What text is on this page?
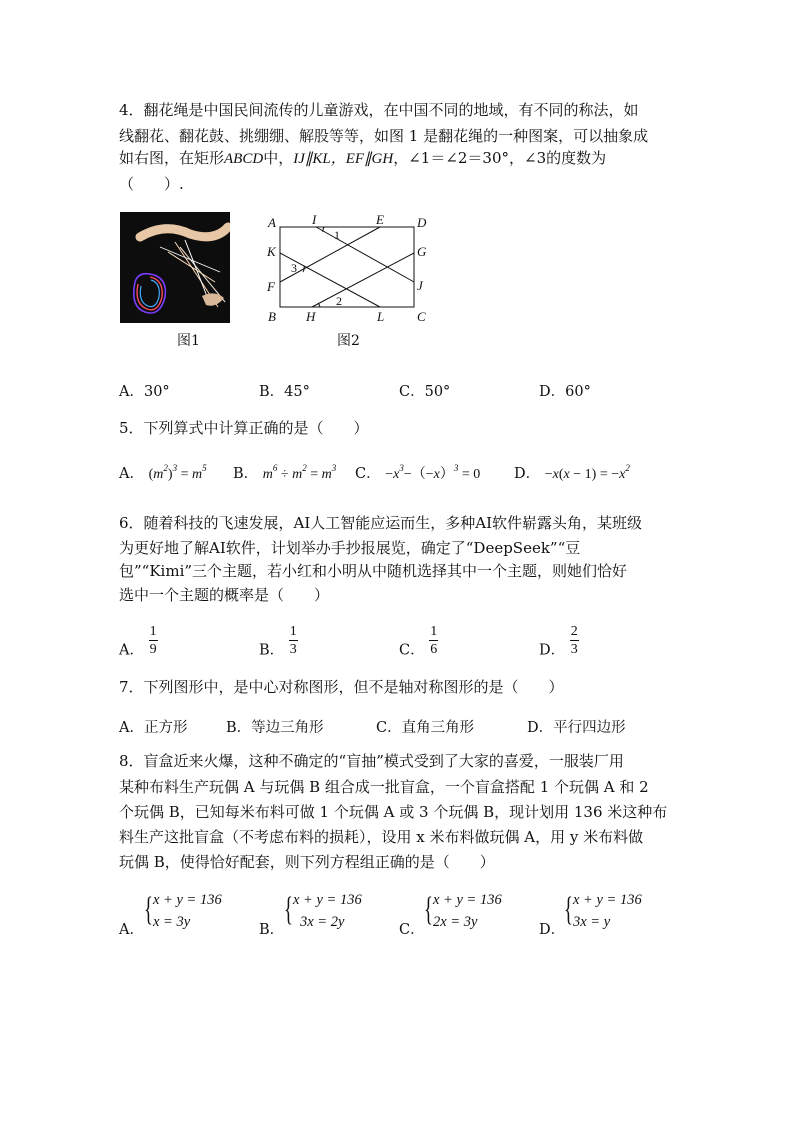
4．翻花绳是中国民间流传的儿童游戏，在中国不同的地域，有不同的称法，如
线翻花、翻花鼓、挑绷绷、解股等等，如图 1 是翻花绳的一种图案，可以抽象成
如右图，在矩形ABCD中，IJ∥KL，EF∥GH，∠1＝∠2＝30°，∠3的度数为
（　　）.
图1
A	I	E	D
K	G
F	J
B H	L	C
1
2
3
图2
A．30°	B．45°	C．50°	D．60°
5．下列算式中计算正确的是（　　）
A． $(m^2)^3 = m^5$ B． $m^6 \div m^2 = m^3$ C． $-x^3-(-x)^3 = 0$ D． $-x(x - 1) = -x^2$
6．随着科技的飞速发展，AI人工智能应运而生，多种AI软件崭露头角，某班级
为更好地了解AI软件，计划举办手抄报展览，确定了“DeepSeek”“豆
包”“Kimi”三个主题，若小红和小明从中随机选择其中一个主题，则她们恰好
选中一个主题的概率是（　　）
A． $\frac{1}{9}$	B． $\frac{1}{3}$	C． $\frac{1}{6}$	D． $\frac{2}{3}$
7．下列图形中，是中心对称图形，但不是轴对称图形的是（　　）
A．正方形	B．等边三角形	C．直角三角形	D．平行四边形
8．盲盒近来火爆，这种不确定的“盲抽”模式受到了大家的喜爱，一服装厂用
某种布料生产玩偶 A 与玩偶 B 组合成一批盲盒，一个盲盒搭配 1 个玩偶 A 和 2
个玩偶 B，已知每米布料可做 1 个玩偶 A 或 3 个玩偶 B，现计划用 136 米这种布
料生产这批盲盒（不考虑布料的损耗），设用 x 米布料做玩偶 A，用 y 米布料做
玩偶 B，使得恰好配套，则下列方程组正确的是（　　）
A．
{ x + y = 136
x = 3y	B．
{ x + y = 136
3x = 2y	C．
{ x + y = 136
2x = 3y	D．
{ x + y = 136
3x = y
